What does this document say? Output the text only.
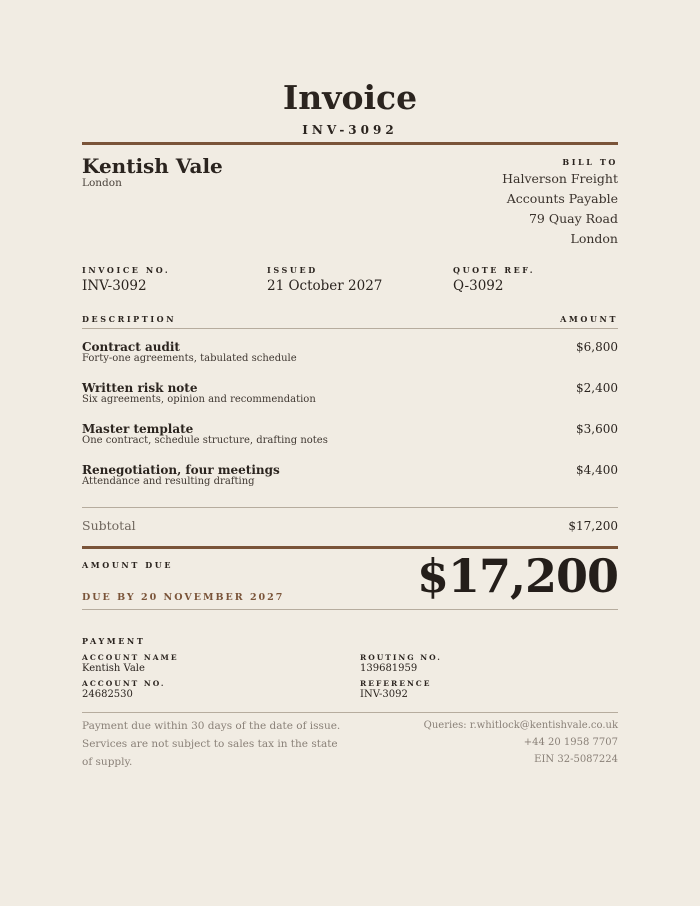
Invoice
INV-3092
Kentish Vale
London
BILL TO
Halverson Freight
Accounts Payable
79 Quay Road
London
INVOICE NO.
INV-3092
ISSUED
21 October 2027
QUOTE REF.
Q-3092
DESCRIPTION	AMOUNT
Contract audit
Forty-one agreements, tabulated schedule
$6,800
Written risk note
Six agreements, opinion and recommendation
$2,400
Master template
One contract, schedule structure, drafting notes
$3,600
Renegotiation, four meetings
Attendance and resulting drafting
$4,400
Subtotal	$17,200
AMOUNT DUE
DUE BY 20 NOVEMBER 2027	$17,200
PAYMENT
ACCOUNT NAME
Kentish Vale
ROUTING NO.
139681959
ACCOUNT NO.
24682530
REFERENCE
INV-3092
Payment due within 30 days of the date of issue.
Services are not subject to sales tax in the state
of supply.
Queries: r.whitlock@kentishvale.co.uk
+44 20 1958 7707
EIN 32-5087224
